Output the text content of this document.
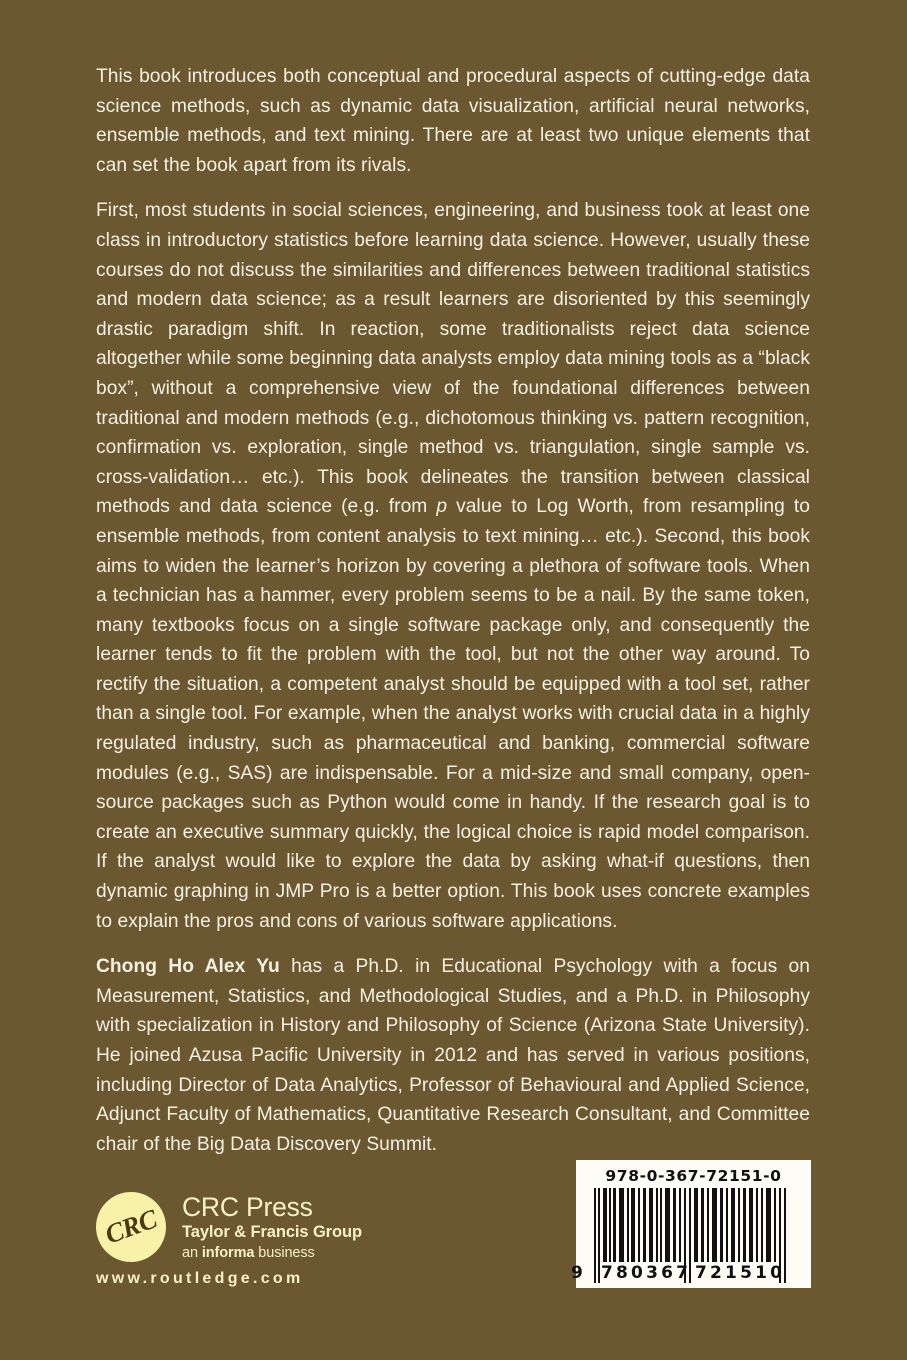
This book introduces both conceptual and procedural aspects of cutting-edge data science methods, such as dynamic data visualization, artificial neural networks, ensemble methods, and text mining. There are at least two unique elements that can set the book apart from its rivals.

First, most students in social sciences, engineering, and business took at least one class in introductory statistics before learning data science. However, usually these courses do not discuss the similarities and differences between traditional statistics and modern data science; as a result learners are disoriented by this seemingly drastic paradigm shift. In reaction, some traditionalists reject data science altogether while some beginning data analysts employ data mining tools as a “black box”, without a comprehensive view of the foundational differences between traditional and modern methods (e.g., dichotomous thinking vs. pattern recognition, confirmation vs. exploration, single method vs. triangulation, single sample vs. cross-validation… etc.). This book delineates the transition between classical methods and data science (e.g. from p value to Log Worth, from resampling to ensemble methods, from content analysis to text mining… etc.). Second, this book aims to widen the learner’s horizon by covering a plethora of software tools. When a technician has a hammer, every problem seems to be a nail. By the same token, many textbooks focus on a single software package only, and consequently the learner tends to fit the problem with the tool, but not the other way around. To rectify the situation, a competent analyst should be equipped with a tool set, rather than a single tool. For example, when the analyst works with crucial data in a highly regulated industry, such as pharmaceutical and banking, commercial software modules (e.g., SAS) are indispensable. For a mid-size and small company, open-source packages such as Python would come in handy. If the research goal is to create an executive summary quickly, the logical choice is rapid model comparison. If the analyst would like to explore the data by asking what-if questions, then dynamic graphing in JMP Pro is a better option. This book uses concrete examples to explain the pros and cons of various software applications.

Chong Ho Alex Yu has a Ph.D. in Educational Psychology with a focus on Measurement, Statistics, and Methodological Studies, and a Ph.D. in Philosophy with specialization in History and Philosophy of Science (Arizona State University). He joined Azusa Pacific University in 2012 and has served in various positions, including Director of Data Analytics, Professor of Behavioural and Applied Science, Adjunct Faculty of Mathematics, Quantitative Research Consultant, and Committee chair of the Big Data Discovery Summit.

CRC CRC Press
Taylor & Francis Group
an informa business
www.routledge.com
978-0-367-72151-0
9 780367 721510
